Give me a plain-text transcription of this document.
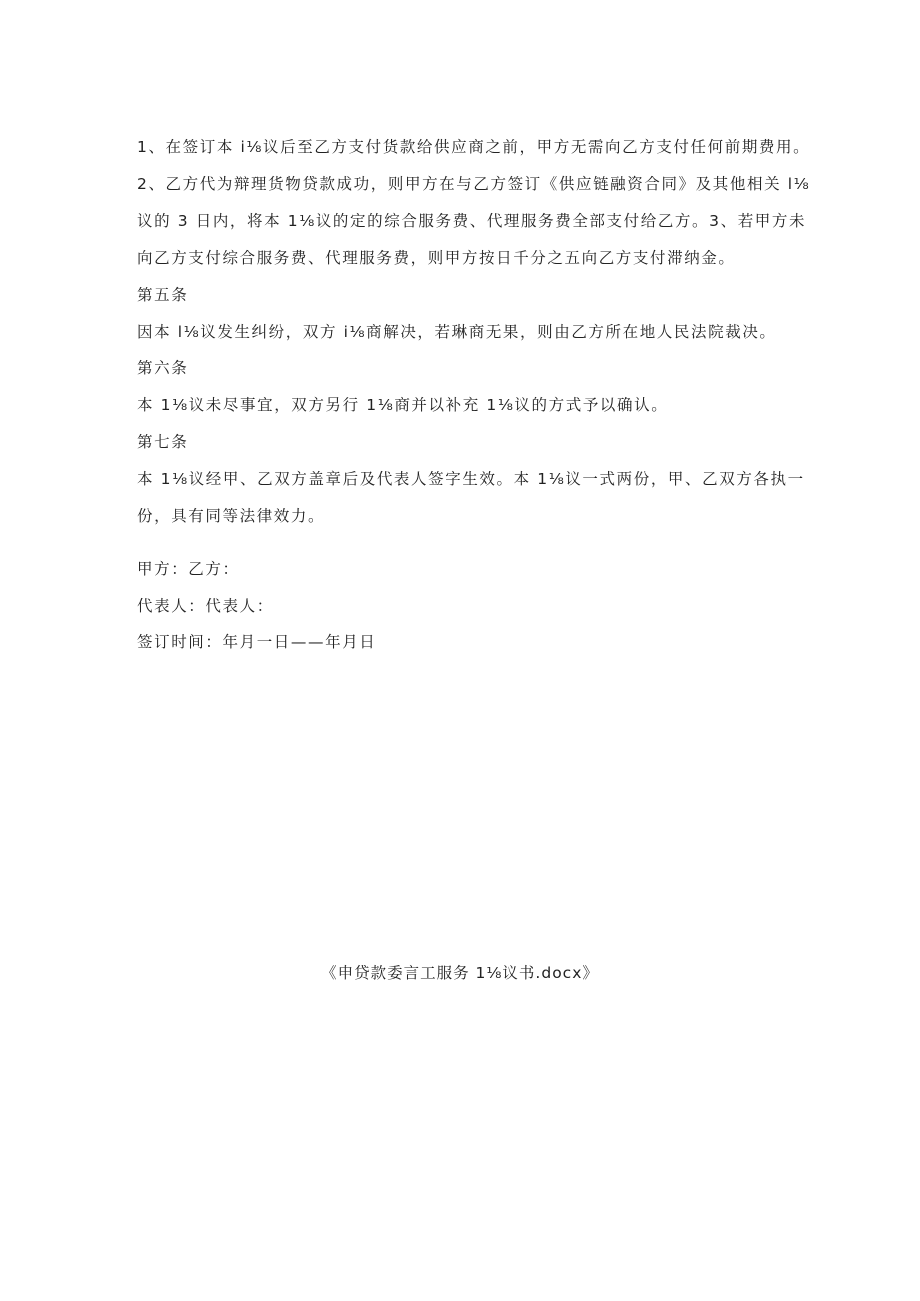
1、在签订本 i⅛议后至乙方支付货款给供应商之前，甲方无需向乙方支付任何前期费用。
2、乙方代为辩理货物贷款成功，则甲方在与乙方签订《供应链融资合同》及其他相关 l⅛
议的 3 日内，将本 1⅛议的定的综合服务费、代理服务费全部支付给乙方。3、若甲方未
向乙方支付综合服务费、代理服务费，则甲方按日千分之五向乙方支付滞纳金。
第五条
因本 l⅛议发生纠纷，双方 i⅛商解决，若琳商无果，则由乙方所在地人民法院裁决。
第六条
本 1⅛议未尽事宜，双方另行 1⅛商并以补充 1⅛议的方式予以确认。
第七条
本 1⅛议经甲、乙双方盖章后及代表人签字生效。本 1⅛议一式两份，甲、乙双方各执一
份，具有同等法律效力。
甲方：乙方：
代表人：代表人：
签订时间：年月一日——年月日
《申贷款委言工服务 1⅛议书.docx》
